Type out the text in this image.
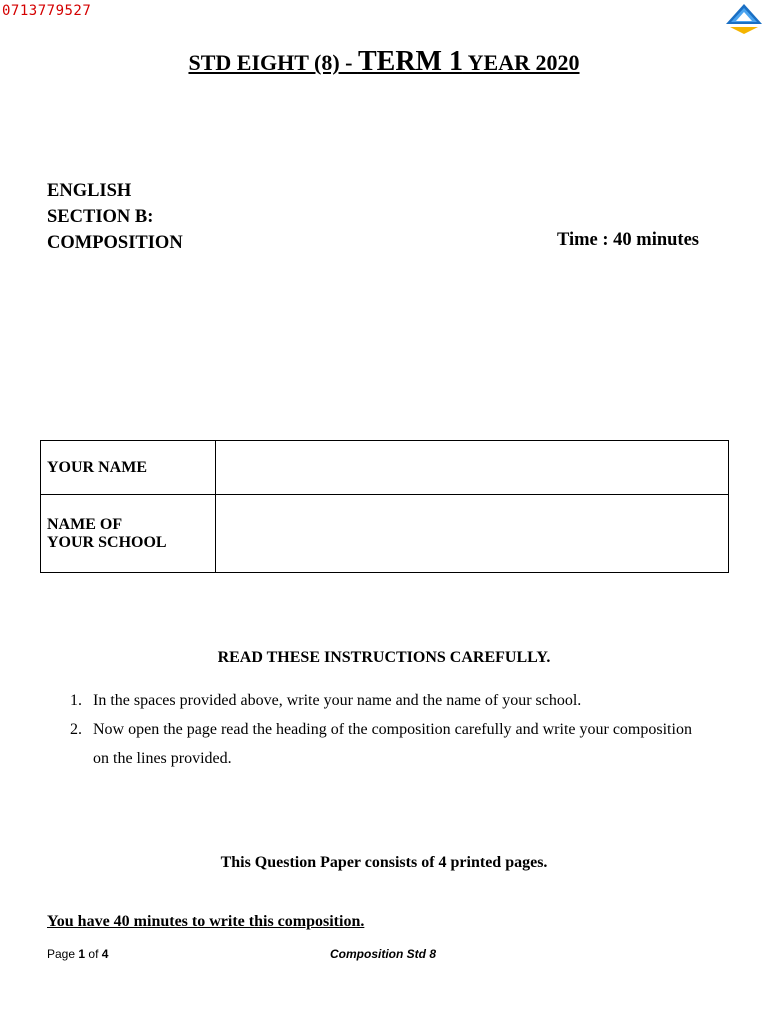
0713779527
STD EIGHT (8) - TERM 1 YEAR 2020
ENGLISH
SECTION B:
COMPOSITION	Time : 40 minutes
YOUR NAME	

NAME OF
YOUR SCHOOL	

READ THESE INSTRUCTIONS CAREFULLY.
1. In the spaces provided above, write your name and the name of your school.
2. Now open the page read the heading of the composition carefully and write your composition on the lines provided.
This Question Paper consists of 4 printed pages.
You have 40 minutes to write this composition.
Page 1 of 4	Composition Std 8
